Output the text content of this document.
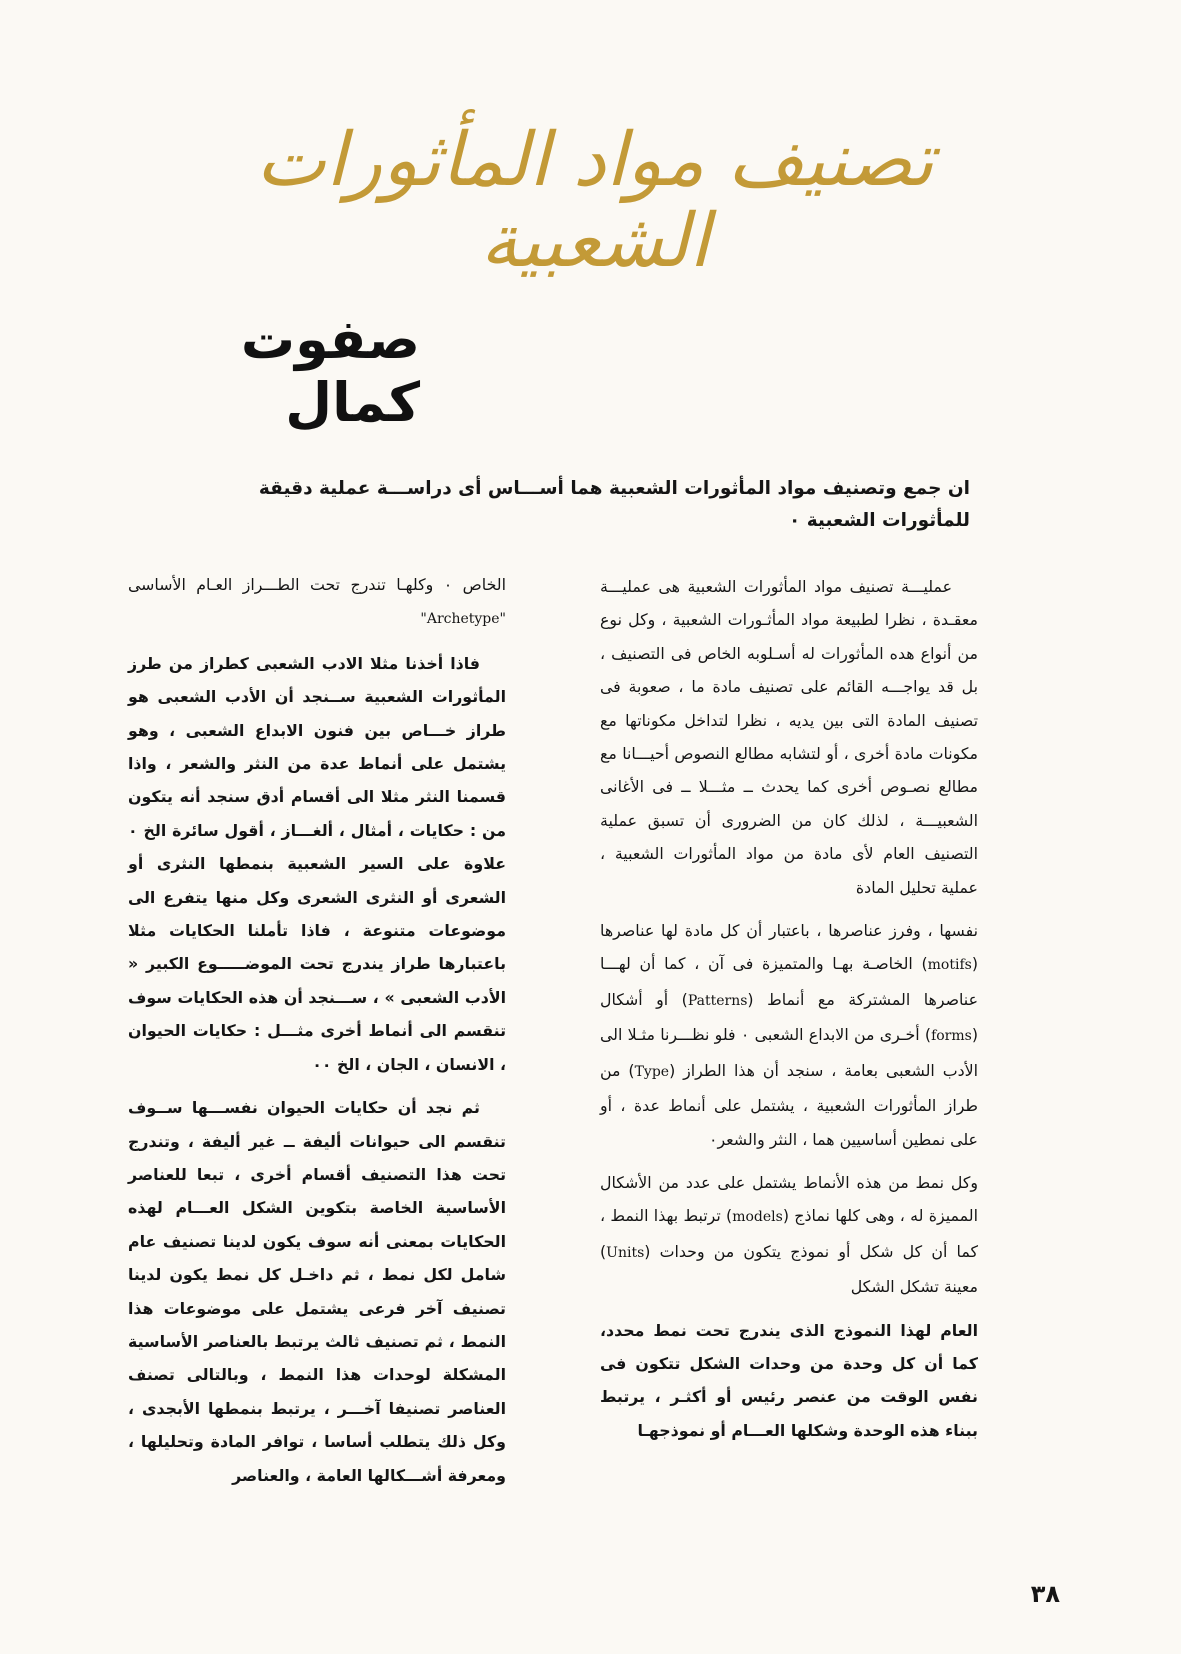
تصنيف مواد المأثورات الشعبية
صفوت كمال
ان جمع وتصنيف مواد المأثورات الشعبية هما أســـاس أى دراســـة عملية دقيقة للمأثورات الشعبية ٠

عمليـــة تصنيف مواد المأثورات الشعبية هى عمليـــة معقـدة ، نظرا لطبيعة مواد المأثـورات الشعبية ، وكل نوع من أنواع هده المأثورات له أسـلوبه الخاص فى التصنيف ، بل قد يواجـــه القائم على تصنيف مادة ما ، صعوبة فى تصنيف المادة التى بين يديه ، نظرا لتداخل مكوناتها مع مكونات مادة أخرى ، أو لتشابه مطالع النصوص أحيـــانا مع مطالع نصـوص أخرى كما يحدث ــ مثـــلا ــ فى الأغانى الشعبيـــة ، لذلك كان من الضرورى أن تسبق عملية التصنيف العام لأى مادة من مواد المأثورات الشعبية ، عملية تحليل المادة

نفسها ، وفرز عناصرها ، باعتبار أن كل مادة لها عناصرها (motifs) الخاصـة بهـا والمتميزة فى آن ، كما أن لهـــا عناصرها المشتركة مع أنماط (Patterns) أو أشكال (forms) أخـرى من الابداع الشعبى ٠ فلو نظـــرنا مثـلا الى الأدب الشعبى بعامة ، سنجد أن هذا الطراز (Type) من طراز المأثورات الشعبية ، يشتمل على أنماط عدة ، أو على نمطين أساسيين هما ، النثر والشعر٠

وكل نمط من هذه الأنماط يشتمل على عدد من الأشكال المميزة له ، وهى كلها نماذج (models) ترتبط بهذا النمط ، كما أن كل شكل أو نموذج يتكون من وحدات (Units) معينة تشكل الشكل

العام لهذا النموذج الذى يندرج تحت نمط محدد، كما أن كل وحدة من وحدات الشكل تتكون فى نفس الوقت من عنصر رئيس أو أكثـر ، يرتبط ببناء هذه الوحدة وشكلها العـــام أو نموذجهـا

الخاص ٠ وكلهـا تندرج تحت الطـــراز العـام الأساسى "Archetype"

فاذا أخذنا مثلا الادب الشعبى كطراز من طرز المأثورات الشعبية ســنجد أن الأدب الشعبى هو طراز خـــاص بين فنون الابداع الشعبى ، وهو يشتمل على أنماط عدة من النثر والشعر ، واذا قسمنا النثر مثلا الى أقسام أدق سنجد أنه يتكون من : حكايات ، أمثال ، ألغـــاز ، أقول سائرة الخ ٠ علاوة على السير الشعبية بنمطها النثرى أو الشعرى أو النثرى الشعرى وكل منها يتفرع الى موضوعات متنوعة ، فاذا تأملنا الحكايات مثلا باعتبارها طراز يندرج تحت الموضـــــوع الكبير « الأدب الشعبى » ، ســـنجد أن هذه الحكايات سوف تنقسم الى أنماط أخرى مثـــل : حكايات الحيوان ، الانسان ، الجان ، الخ ٠٠

ثم نجد أن حكايات الحيوان نفســـها ســوف تنقسم الى حيوانات أليفة ــ غير أليفة ، وتندرج تحت هذا التصنيف أقسام أخرى ، تبعا للعناصر الأساسية الخاصة بتكوين الشكل العـــام لهذه الحكايات بمعنى أنه سوف يكون لدينا تصنيف عام شامل لكل نمط ، ثم داخـل كل نمط يكون لدينا تصنيف آخر فرعى يشتمل على موضوعات هذا النمط ، ثم تصنيف ثالث يرتبط بالعناصر الأساسية المشكلة لوحدات هذا النمط ، وبالتالى تصنف العناصر تصنيفا آخـــر ، يرتبط بنمطها الأبجدى ، وكل ذلك يتطلب أساسا ، توافر المادة وتحليلها ، ومعرفة أشـــكالها العامة ، والعناصر

٣٨
